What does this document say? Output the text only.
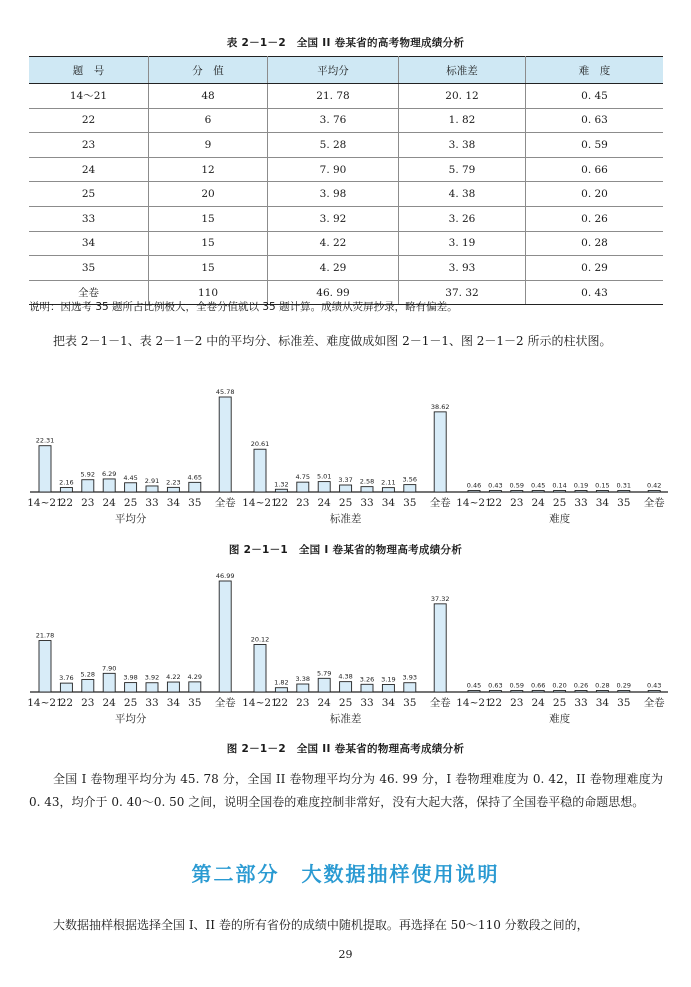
表 2－1－2　全国 II 卷某省的高考物理成绩分析
题　号	分　值	平均分	标准差	难　度
14～21	48	21. 78	20. 12	0. 45
22	6	3. 76	1. 82	0. 63
23	9	5. 28	3. 38	0. 59
24	12	7. 90	5. 79	0. 66
25	20	3. 98	4. 38	0. 20
33	15	3. 92	3. 26	0. 26
34	15	4. 22	3. 19	0. 28
35	15	4. 29	3. 93	0. 29
全卷	110	46. 99	37. 32	0. 43
说明：因选考 35 题所占比例极大，全卷分值就以 35 题计算。成绩从荧屏抄录，略有偏差。
把表 2－1－1、表 2－1－2 中的平均分、标准差、难度做成如图 2－1－1、图 2－1－2 所示的柱状图。
22.31
14~21
2.16
22
5.92
23
6.29
24
4.45
25
2.91
33
2.23
34
4.65
35
45.78
全卷
平均分
20.61
14~21
1.32
22
4.75
23
5.01
24
3.37
25
2.58
33
2.11
34
3.56
35
38.62
全卷
标准差
0.46
14~21
0.43
22
0.59
23
0.45
24
0.14
25
0.19
33
0.15
34
0.31
35
0.42
全卷
难度
图 2－1－1　全国 I 卷某省的物理高考成绩分析
21.78
14~21
3.76
22
5.28
23
7.90
24
3.98
25
3.92
33
4.22
34
4.29
35
46.99
全卷
平均分
20.12
14~21
1.82
22
3.38
23
5.79
24
4.38
25
3.26
33
3.19
34
3.93
35
37.32
全卷
标准差
0.45
14~21
0.63
22
0.59
23
0.66
24
0.20
25
0.26
33
0.28
34
0.29
35
0.43
全卷
难度
图 2－1－2　全国 II 卷某省的物理高考成绩分析
全国 I 卷物理平均分为 45. 78 分，全国 II 卷物理平均分为 46. 99 分，I 卷物理难度为 0. 42，II 卷物理难度为 0. 43，均介于 0. 40～0. 50 之间，说明全国卷的难度控制非常好，没有大起大落，保持了全国卷平稳的命题思想。
第二部分　大数据抽样使用说明
大数据抽样根据选择全国 I、II 卷的所有省份的成绩中随机提取。再选择在 50～110 分数段之间的，
29
